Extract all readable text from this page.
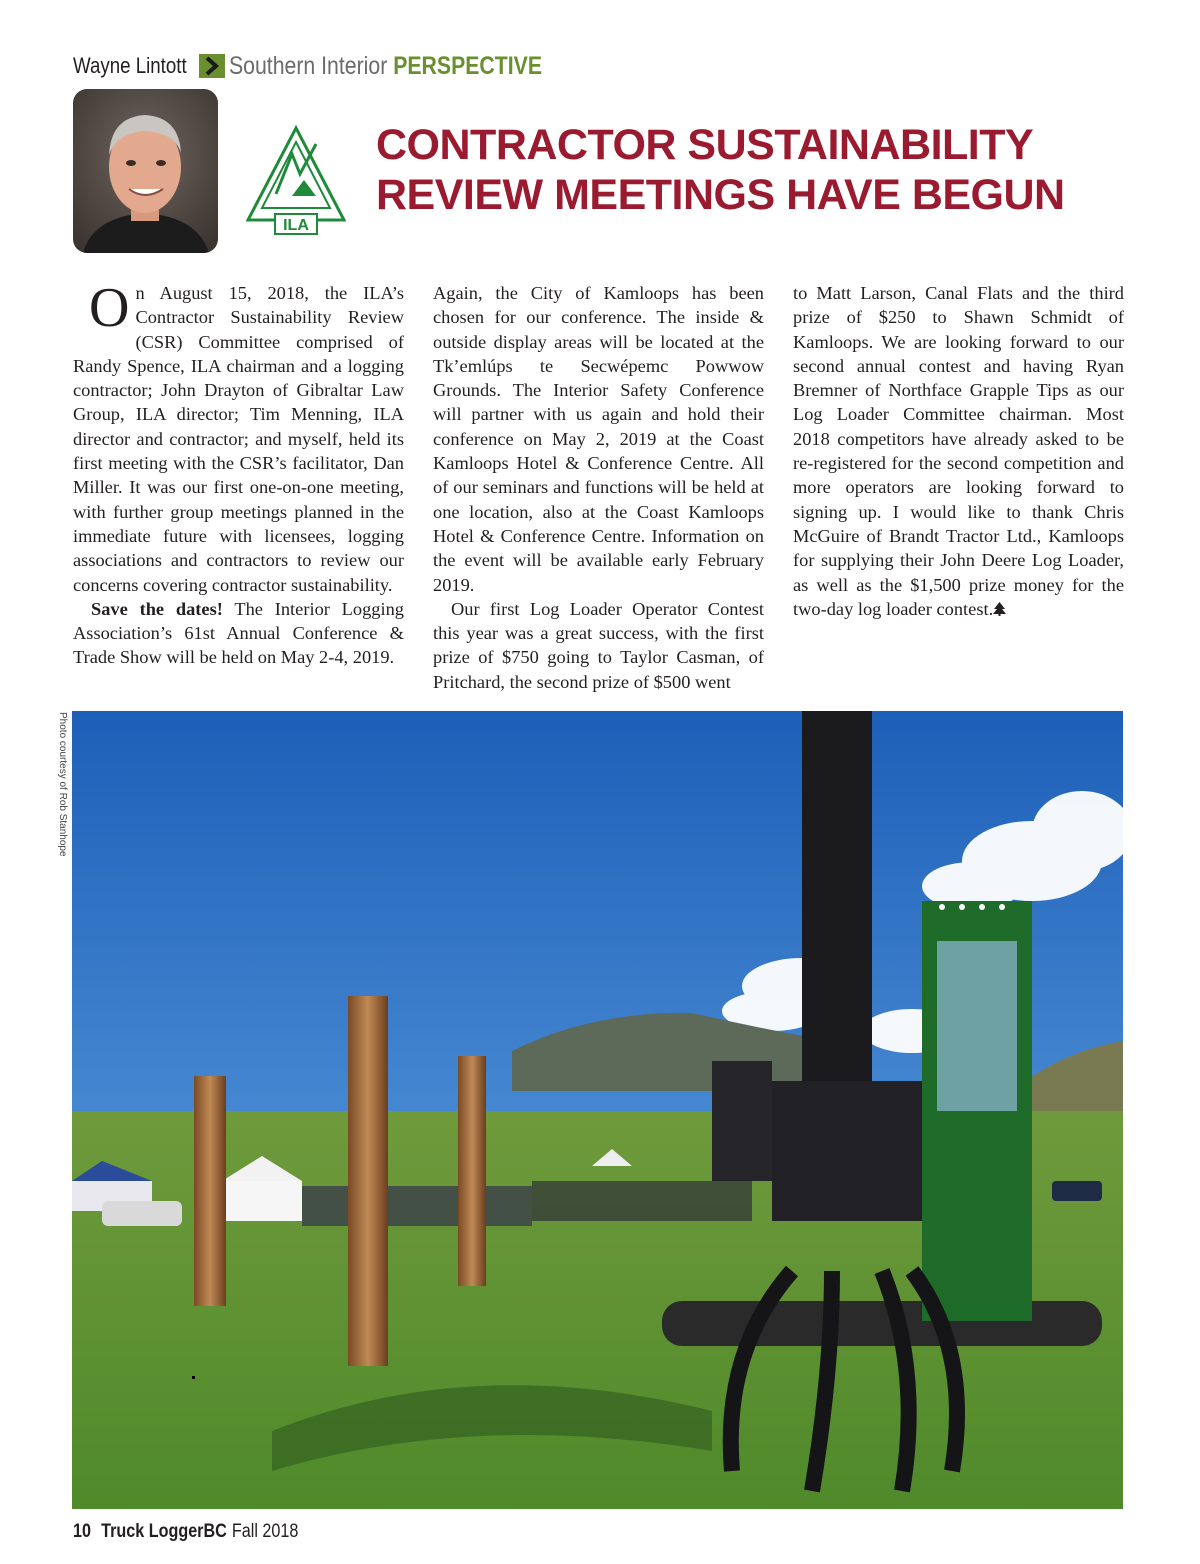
Wayne Lintott Southern Interior PERSPECTIVE
ILA
CONTRACTOR SUSTAINABILITY
REVIEW MEETINGS HAVE BEGUN

On August 15, 2018, the ILA’s Contractor Sustainability Review (CSR) Committee comprised of Randy Spence, ILA chairman and a logging contractor; John Drayton of Gibraltar Law Group, ILA director; Tim Menning, ILA director and contractor; and myself, held its first meeting with the CSR’s facilitator, Dan Miller. It was our first one-on-one meeting, with further group meetings planned in the immediate future with licensees, logging associations and contractors to review our concerns covering contractor sustainability.

Save the dates! The Interior Logging Association’s 61st Annual Conference & Trade Show will be held on May 2-4, 2019.

Again, the City of Kamloops has been chosen for our conference. The inside & outside display areas will be located at the Tk’emlúps te Secwépemc Powwow Grounds. The Interior Safety Conference will partner with us again and hold their conference on May 2, 2019 at the Coast Kamloops Hotel & Conference Centre. All of our seminars and functions will be held at one location, also at the Coast Kamloops Hotel & Conference Centre. Information on the event will be available early February 2019.

Our first Log Loader Operator Contest this year was a great success, with the first prize of $750 going to Taylor Casman, of Pritchard, the second prize of $500 went

to Matt Larson, Canal Flats and the third prize of $250 to Shawn Schmidt of Kamloops. We are looking forward to our second annual contest and having Ryan Bremner of Northface Grapple Tips as our Log Loader Committee chairman. Most 2018 competitors have already asked to be re-registered for the second competition and more operators are looking forward to signing up. I would like to thank Chris McGuire of Brandt Tractor Ltd., Kamloops for supplying their John Deere Log Loader, as well as the $1,500 prize money for the two-day log loader contest.

Photo courtesy of Rob Stanhope
10 Truck LoggerBC Fall 2018
